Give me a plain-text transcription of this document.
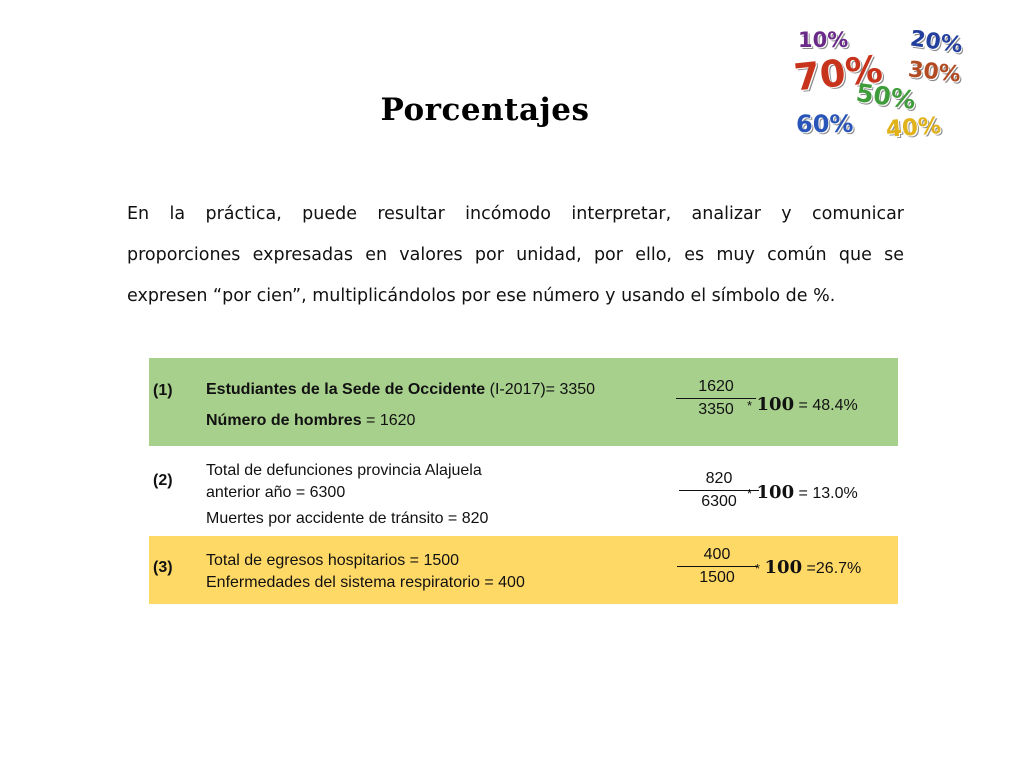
Porcentajes
10%	20%
70% 30%
50%
60% 40%
En la práctica, puede resultar incómodo interpretar, analizar y comunicar
proporciones expresadas en valores por unidad, por ello, es muy común que se
expresen “por cien”, multiplicándolos por ese número y usando el símbolo de %.
(1) Estudiantes de la Sede de Occidente (I-2017)= 3350
Número de hombres = 1620
1620
3350	* 100 = 48.4%
(2)
Total de defunciones provincia Alajuela
anterior año = 6300
Muertes por accidente de tránsito = 820
820
6300 * 100 = 13.0%
(3) Total de egresos hospitarios = 1500
Enfermedades del sistema respiratorio = 400
400
1500
* 100 =26.7%
